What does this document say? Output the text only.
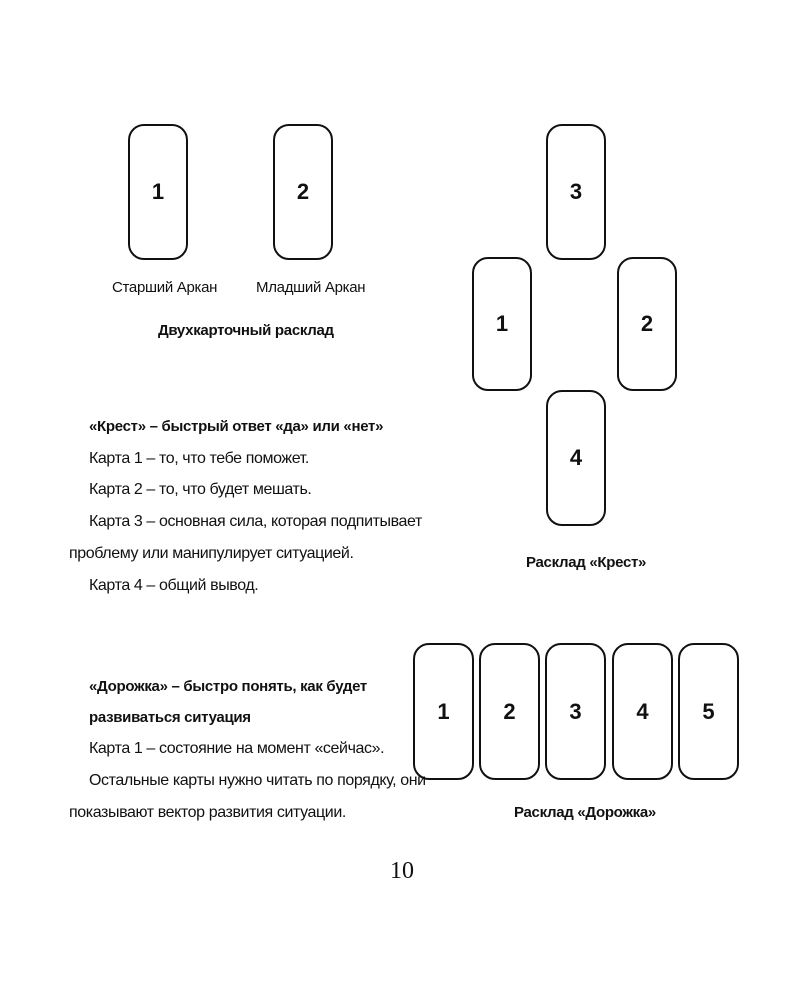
1	2
Старший Аркан	Младший Аркан
Двухкарточный расклад
3
1	2
4
Расклад «Крест»
«Крест» – быстрый ответ «да» или «нет»
Карта 1 – то, что тебе поможет.
Карта 2 – то, что будет мешать.
Карта 3 – основная сила, которая подпитывает
проблему или манипулирует ситуацией.
Карта 4 – общий вывод.
1	2	3	4	5
Расклад «Дорожка»
«Дорожка» – быстро понять, как будет
развиваться ситуация
Карта 1 – состояние на момент «сейчас».
Остальные карты нужно читать по порядку, они
показывают вектор развития ситуации.
10
